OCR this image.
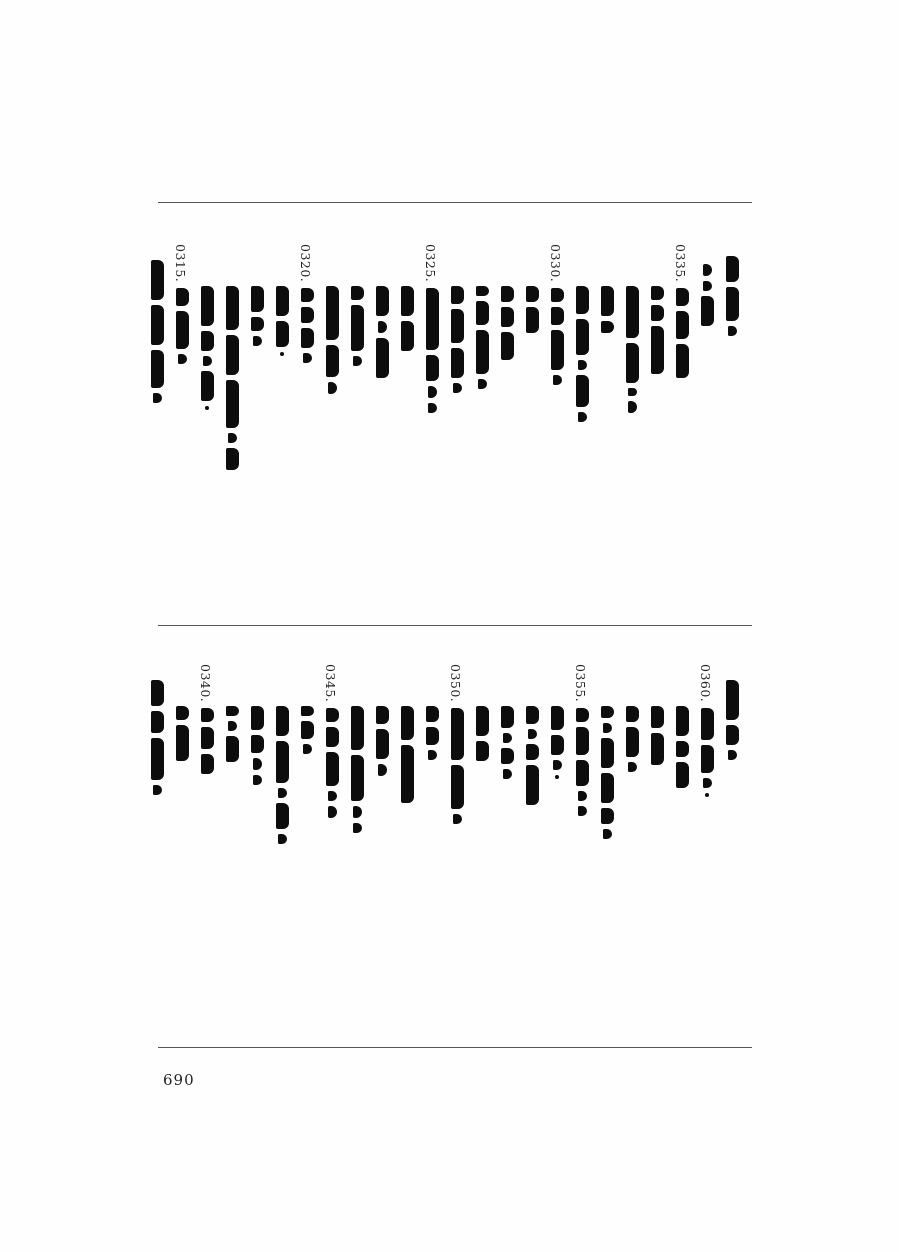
0335.
0330.
0325.
0320.
0315.
0360.
0355.
0350.
0345.
0340.
690
